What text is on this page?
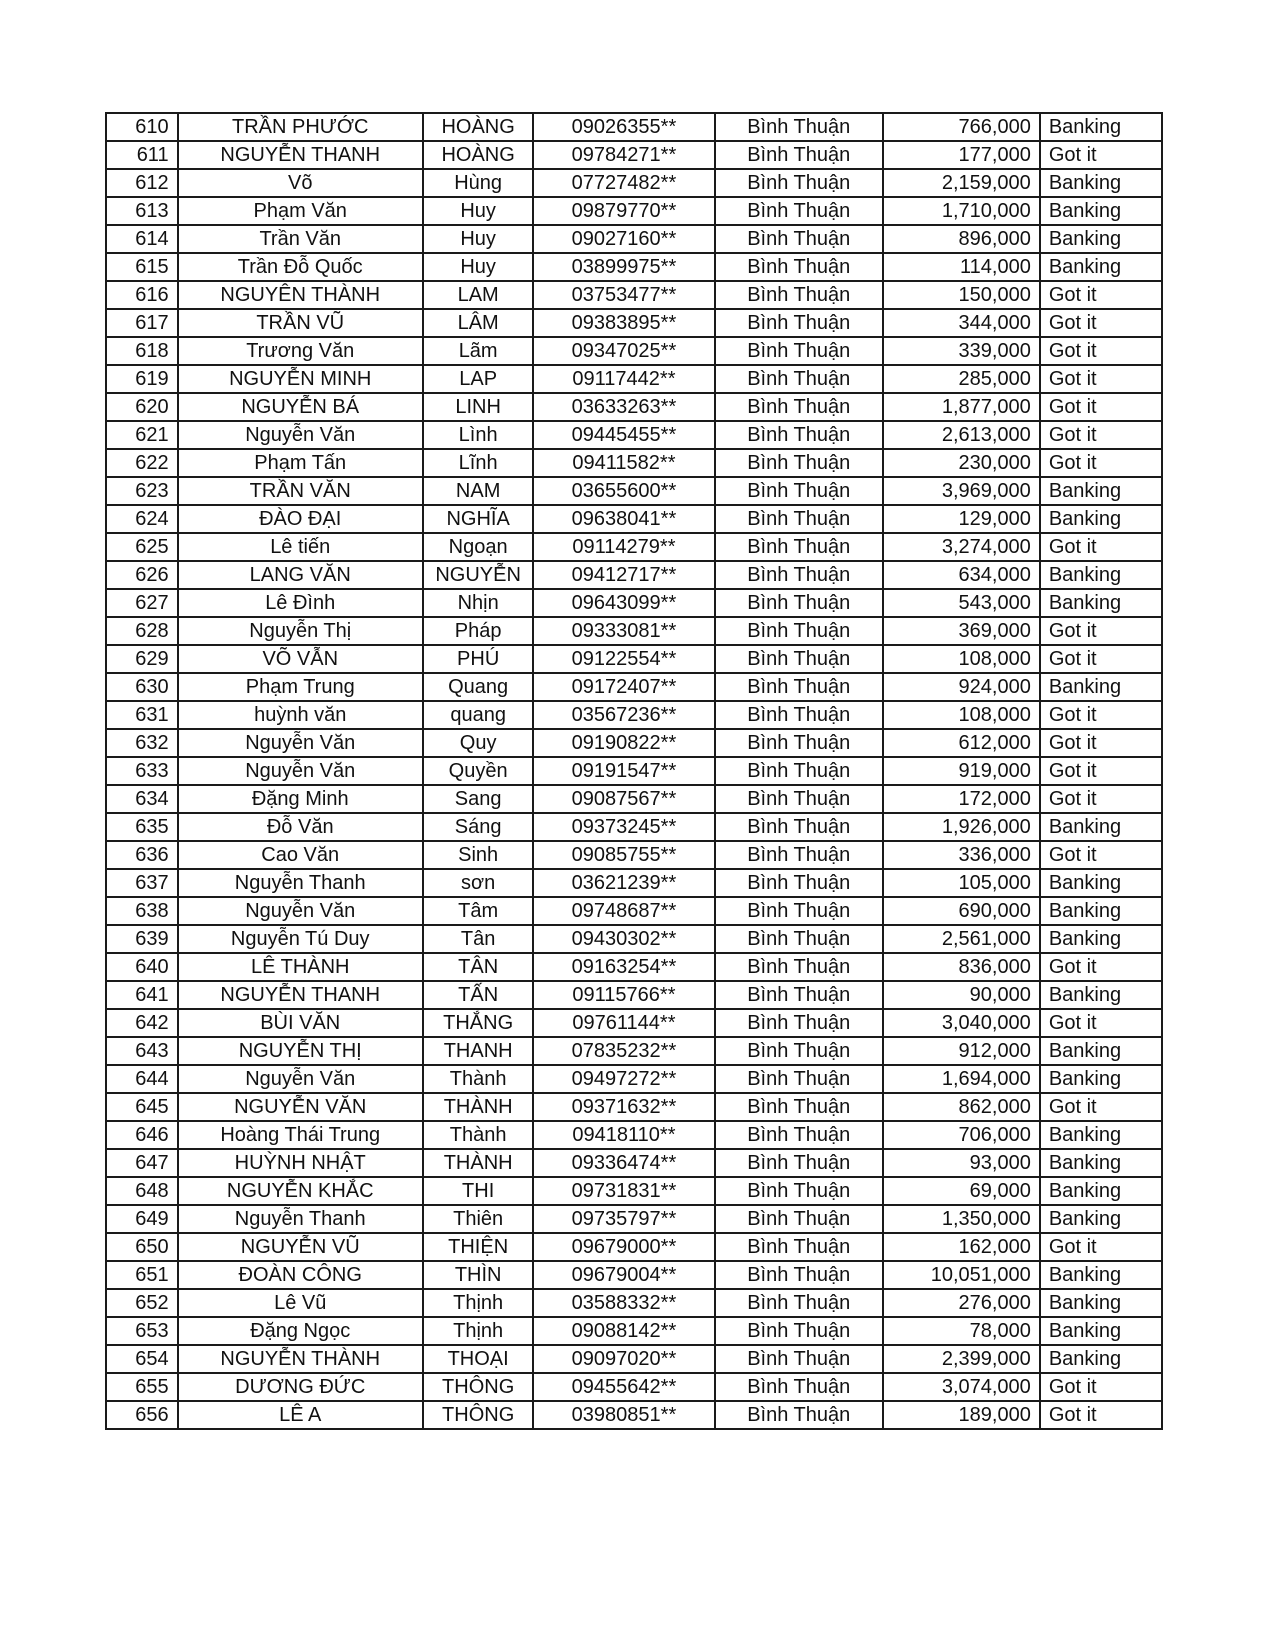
610	TRẦN PHƯỚC	HOÀNG	09026355**	Bình Thuận	766,000	Banking
611	NGUYỄN THANH	HOÀNG	09784271**	Bình Thuận	177,000	Got it
612	Võ	Hùng	07727482**	Bình Thuận	2,159,000	Banking
613	Phạm Văn	Huy	09879770**	Bình Thuận	1,710,000	Banking
614	Trần Văn	Huy	09027160**	Bình Thuận	896,000	Banking
615	Trần Đỗ Quốc	Huy	03899975**	Bình Thuận	114,000	Banking
616	NGUYÊN THÀNH	LAM	03753477**	Bình Thuận	150,000	Got it
617	TRẦN VŨ	LÂM	09383895**	Bình Thuận	344,000	Got it
618	Trương Văn	Lãm	09347025**	Bình Thuận	339,000	Got it
619	NGUYỄN MINH	LAP	09117442**	Bình Thuận	285,000	Got it
620	NGUYỄN BÁ	LINH	03633263**	Bình Thuận	1,877,000	Got it
621	Nguyễn Văn	Lình	09445455**	Bình Thuận	2,613,000	Got it
622	Phạm Tấn	Lĩnh	09411582**	Bình Thuận	230,000	Got it
623	TRẦN VĂN	NAM	03655600**	Bình Thuận	3,969,000	Banking
624	ĐÀO ĐẠI	NGHĨA	09638041**	Bình Thuận	129,000	Banking
625	Lê tiến	Ngoạn	09114279**	Bình Thuận	3,274,000	Got it
626	LANG VĂN	NGUYỄN	09412717**	Bình Thuận	634,000	Banking
627	Lê Đình	Nhịn	09643099**	Bình Thuận	543,000	Banking
628	Nguyễn Thị	Pháp	09333081**	Bình Thuận	369,000	Got it
629	VÕ VẪN	PHÚ	09122554**	Bình Thuận	108,000	Got it
630	Phạm Trung	Quang	09172407**	Bình Thuận	924,000	Banking
631	huỳnh văn	quang	03567236**	Bình Thuận	108,000	Got it
632	Nguyễn Văn	Quy	09190822**	Bình Thuận	612,000	Got it
633	Nguyễn Văn	Quyền	09191547**	Bình Thuận	919,000	Got it
634	Đặng Minh	Sang	09087567**	Bình Thuận	172,000	Got it
635	Đỗ Văn	Sáng	09373245**	Bình Thuận	1,926,000	Banking
636	Cao Văn	Sinh	09085755**	Bình Thuận	336,000	Got it
637	Nguyễn Thanh	sơn	03621239**	Bình Thuận	105,000	Banking
638	Nguyễn Văn	Tâm	09748687**	Bình Thuận	690,000	Banking
639	Nguyễn Tú Duy	Tân	09430302**	Bình Thuận	2,561,000	Banking
640	LÊ THÀNH	TÂN	09163254**	Bình Thuận	836,000	Got it
641	NGUYỄN THANH	TẤN	09115766**	Bình Thuận	90,000	Banking
642	BÙI VĂN	THẮNG	09761144**	Bình Thuận	3,040,000	Got it
643	NGUYỄN THỊ	THANH	07835232**	Bình Thuận	912,000	Banking
644	Nguyễn Văn	Thành	09497272**	Bình Thuận	1,694,000	Banking
645	NGUYỄN VĂN	THÀNH	09371632**	Bình Thuận	862,000	Got it
646	Hoàng Thái Trung	Thành	09418110**	Bình Thuận	706,000	Banking
647	HUỲNH NHẬT	THÀNH	09336474**	Bình Thuận	93,000	Banking
648	NGUYỄN KHẮC	THI	09731831**	Bình Thuận	69,000	Banking
649	Nguyễn Thanh	Thiên	09735797**	Bình Thuận	1,350,000	Banking
650	NGUYỄN VŨ	THIỆN	09679000**	Bình Thuận	162,000	Got it
651	ĐOÀN CÔNG	THÌN	09679004**	Bình Thuận	10,051,000	Banking
652	Lê Vũ	Thịnh	03588332**	Bình Thuận	276,000	Banking
653	Đặng Ngọc	Thịnh	09088142**	Bình Thuận	78,000	Banking
654	NGUYỄN THÀNH	THOẠI	09097020**	Bình Thuận	2,399,000	Banking
655	DƯƠNG ĐỨC	THÔNG	09455642**	Bình Thuận	3,074,000	Got it
656	LÊ A	THÔNG	03980851**	Bình Thuận	189,000	Got it
